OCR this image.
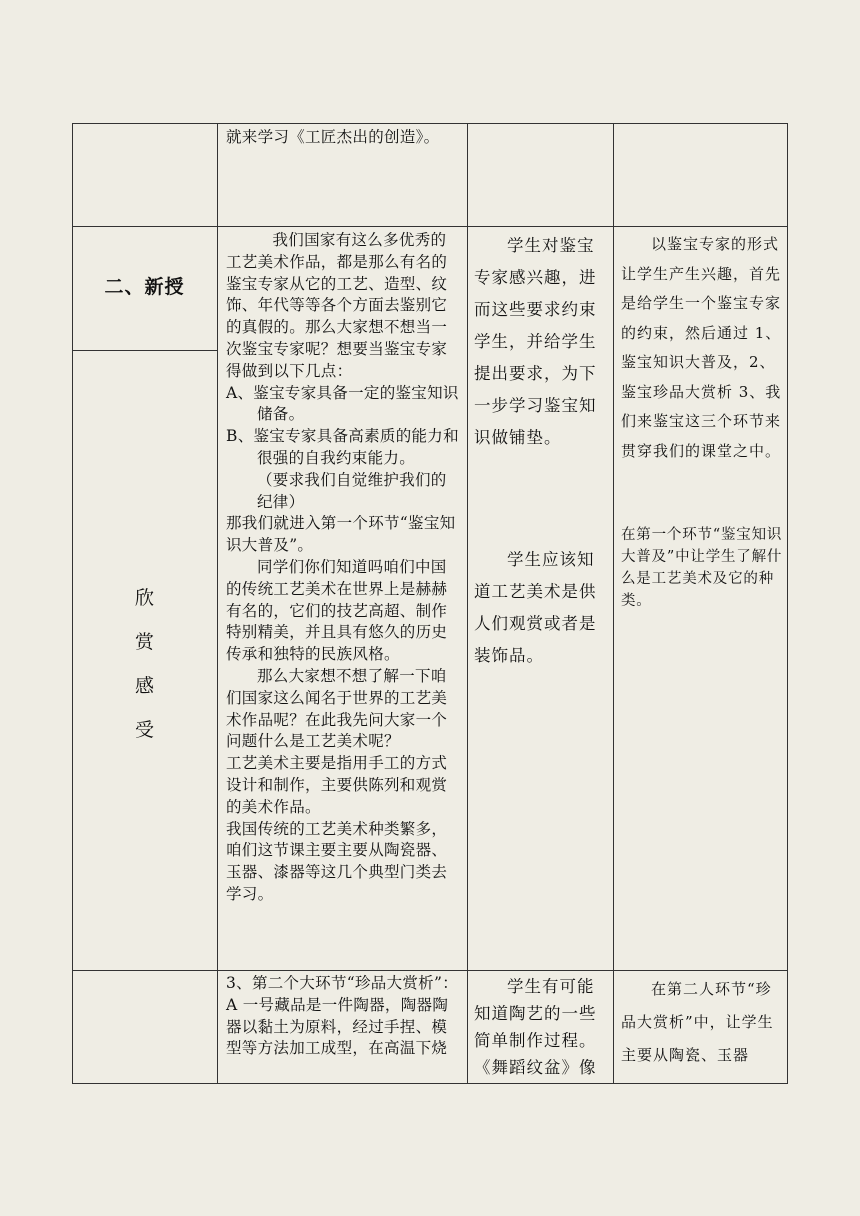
就来学习《工匠杰出的创造》。

二、新授
欣
赏
感
受

我们国家有这么多优秀的工艺美术作品，都是那么有名的鉴宝专家从它的工艺、造型、纹饰、年代等等各个方面去鉴别它的真假的。那么大家想不想当一次鉴宝专家呢？想要当鉴宝专家得做到以下几点：

A、鉴宝专家具备一定的鉴宝知识储备。

B、鉴宝专家具备高素质的能力和很强的自我约束能力。

（要求我们自觉维护我们的纪律）

那我们就进入第一个环节“鉴宝知识大普及”。

同学们你们知道吗咱们中国的传统工艺美术在世界上是赫赫有名的，它们的技艺高超、制作特别精美，并且具有悠久的历史传承和独特的民族风格。

那么大家想不想了解一下咱们国家这么闻名于世界的工艺美术作品呢？在此我先问大家一个问题什么是工艺美术呢？

工艺美术主要是指用手工的方式设计和制作，主要供陈列和观赏的美术作品。

我国传统的工艺美术种类繁多，咱们这节课主要主要从陶瓷器、玉器、漆器等这几个典型门类去学习。

学生对鉴宝专家感兴趣，进而这些要求约束学生，并给学生提出要求，为下一步学习鉴宝知识做铺垫。

学生应该知道工艺美术是供人们观赏或者是装饰品。

以鉴宝专家的形式让学生产生兴趣，首先是给学生一个鉴宝专家的约束，然后通过 1、鉴宝知识大普及，2、鉴宝珍品大赏析 3、我们来鉴宝这三个环节来贯穿我们的课堂之中。

在第一个环节“鉴宝知识大普及”中让学生了解什么是工艺美术及它的种类。

3、第二个大环节“珍品大赏析”：

A 一号藏品是一件陶器，陶器陶器以黏土为原料，经过手捏、模型等方法加工成型，在高温下烧

学生有可能知道陶艺的一些简单制作过程。《舞蹈纹盆》像

在第二人环节“珍品大赏析”中，让学生主要从陶瓷、玉器
